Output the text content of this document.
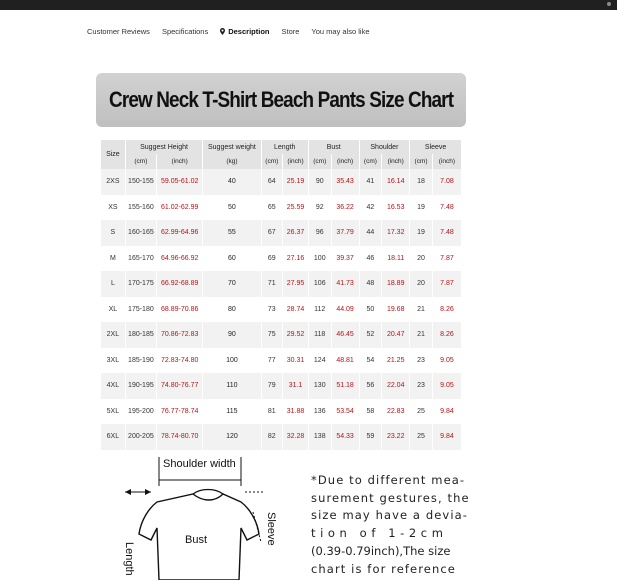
Customer Reviews Specifications	Description Store You may also like
Crew Neck T-Shirt Beach Pants Size Chart
Size	Suggest Height		Suggest weight	Length		Bust		Shoulder		Sleeve	
	(cm)	(inch)	(kg)	(cm)	(inch)	(cm)	(inch)	(cm)	(inch)	(cm)	(inch)
2XS	150-155	59.05-61.02	40	64	25.19	90	35.43	41	16.14	18	7.08
XS	155-160	61.02-62.99	50	65	25.59	92	36.22	42	16.53	19	7.48
S	160-165	62.99-64.96	55	67	26.37	96	37.79	44	17.32	19	7.48
M	165-170	64.96-66.92	60	69	27.16	100	39.37	46	18.11	20	7.87
L	170-175	66.92-68.89	70	71	27.95	106	41.73	48	18.89	20	7.87
XL	175-180	68.89-70.86	80	73	28.74	112	44.09	50	19.68	21	8.26
2XL	180-185	70.86-72.83	90	75	29.52	118	46.45	52	20.47	21	8.26
3XL	185-190	72.83-74.80	100	77	30.31	124	48.81	54	21.25	23	9.05
4XL	190-195	74.80-76.77	110	79	31.1	130	51.18	56	22.04	23	9.05
5XL	195-200	76.77-78.74	115	81	31.88	136	53.54	58	22.83	25	9.84
6XL	200-205	78.74-80.70	120	82	32.28	138	54.33	59	23.22	25	9.84
Shoulder width
Bust	Sleeve
Length
*Due to different mea-
surement gestures, the
size may have a devia-
tion of 1-2cm
(0.39-0.79inch),The size
chart is for reference
